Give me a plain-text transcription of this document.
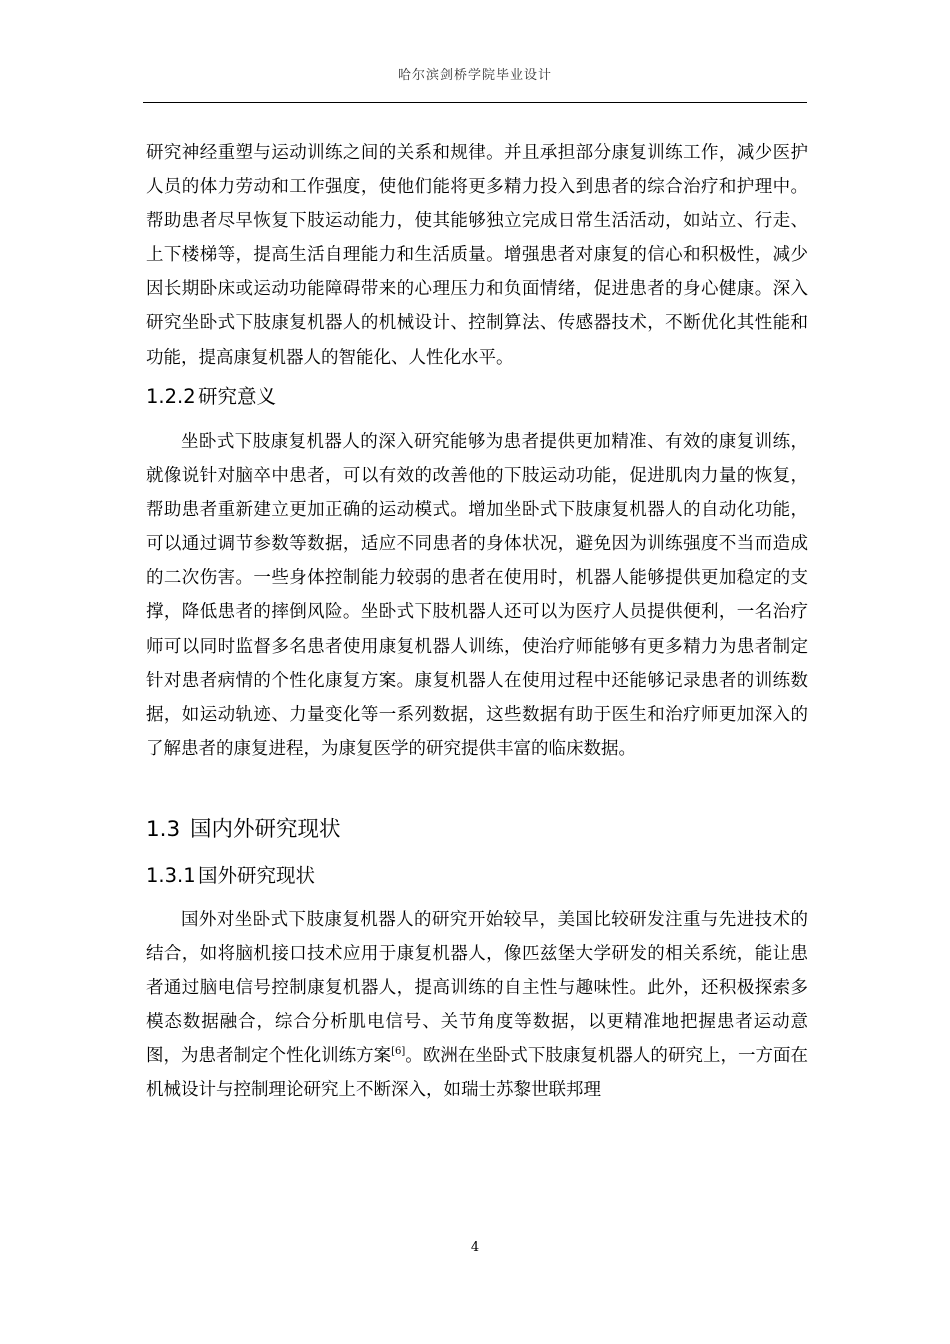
哈尔滨剑桥学院毕业设计

研究神经重塑与运动训练之间的关系和规律。并且承担部分康复训练工作，减少医护人员的体力劳动和工作强度，使他们能将更多精力投入到患者的综合治疗和护理中。帮助患者尽早恢复下肢运动能力，使其能够独立完成日常生活活动，如站立、行走、上下楼梯等，提高生活自理能力和生活质量。增强患者对康复的信心和积极性，减少因长期卧床或运动功能障碍带来的心理压力和负面情绪，促进患者的身心健康。深入研究坐卧式下肢康复机器人的机械设计、控制算法、传感器技术，不断优化其性能和功能，提高康复机器人的智能化、人性化水平。

1.2.2 研究意义

坐卧式下肢康复机器人的深入研究能够为患者提供更加精准、有效的康复训练，就像说针对脑卒中患者，可以有效的改善他的下肢运动功能，促进肌肉力量的恢复，帮助患者重新建立更加正确的运动模式。增加坐卧式下肢康复机器人的自动化功能，可以通过调节参数等数据，适应不同患者的身体状况，避免因为训练强度不当而造成的二次伤害。一些身体控制能力较弱的患者在使用时，机器人能够提供更加稳定的支撑，降低患者的摔倒风险。坐卧式下肢机器人还可以为医疗人员提供便利，一名治疗师可以同时监督多名患者使用康复机器人训练，使治疗师能够有更多精力为患者制定针对患者病情的个性化康复方案。康复机器人在使用过程中还能够记录患者的训练数据，如运动轨迹、力量变化等一系列数据，这些数据有助于医生和治疗师更加深入的了解患者的康复进程，为康复医学的研究提供丰富的临床数据。

1.3 国内外研究现状
1.3.1 国外研究现状

国外对坐卧式下肢康复机器人的研究开始较早，美国比较研发注重与先进技术的结合，如将脑机接口技术应用于康复机器人，像匹兹堡大学研发的相关系统，能让患者通过脑电信号控制康复机器人，提高训练的自主性与趣味性。此外，还积极探索多模态数据融合，综合分析肌电信号、关节角度等数据，以更精准地把握患者运动意图，为患者制定个性化训练方案[6]。欧洲在坐卧式下肢康复机器人的研究上，一方面在机械设计与控制理论研究上不断深入，如瑞士苏黎世联邦理

4
